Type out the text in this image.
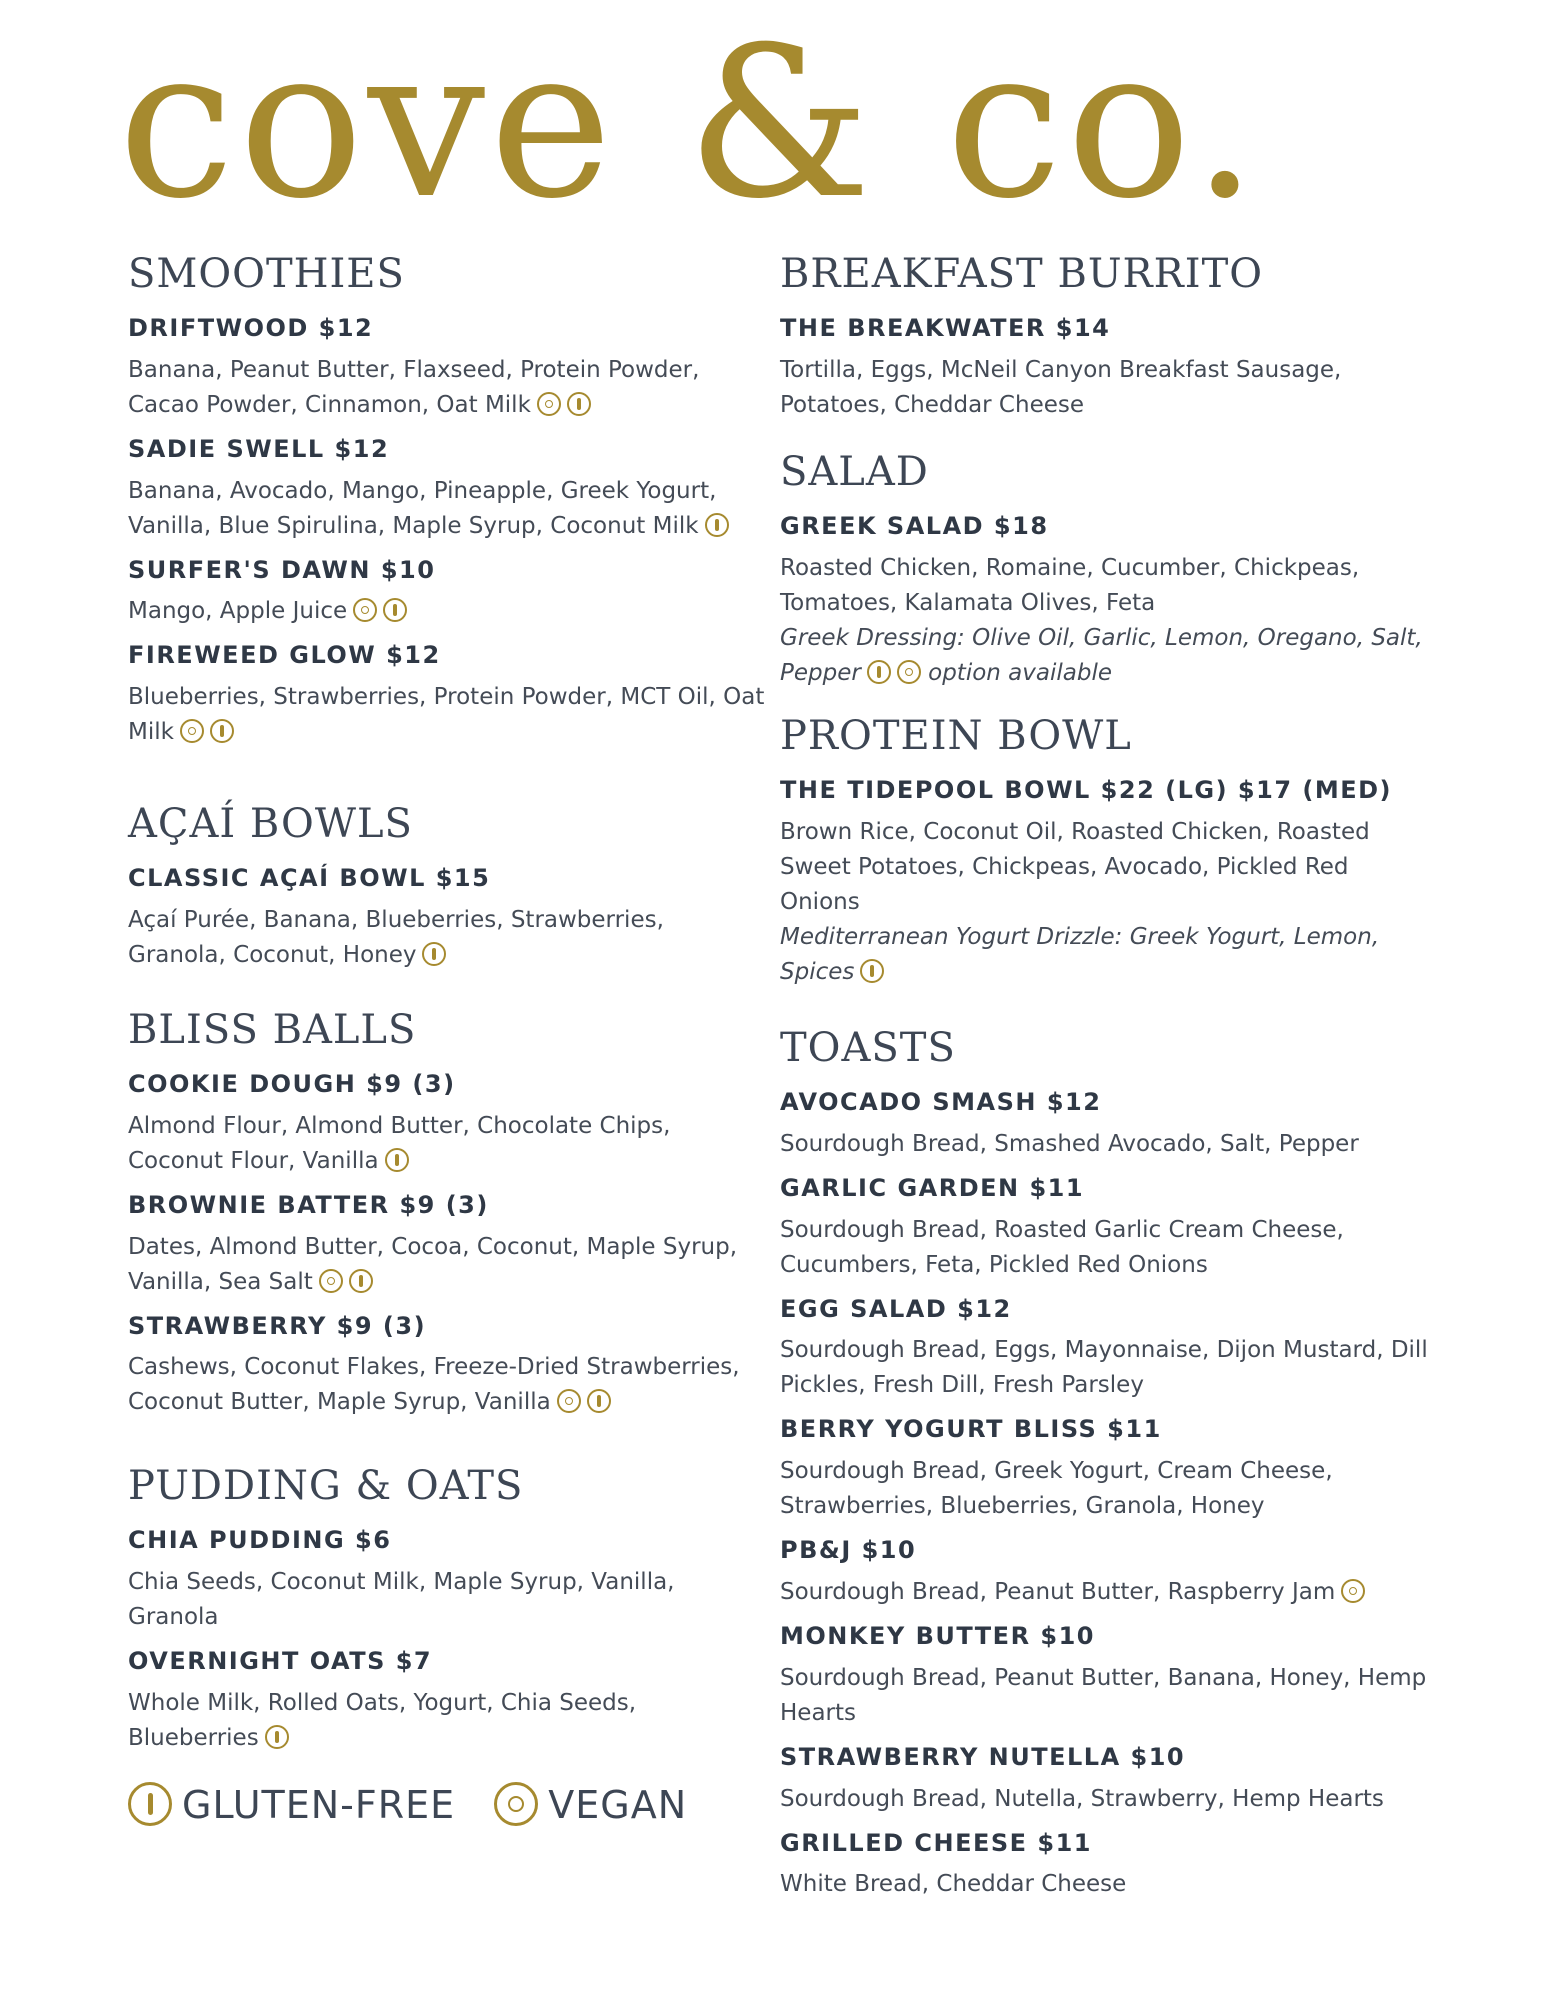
cove & co.
SMOOTHIES
DRIFTWOOD $12
Banana, Peanut Butter, Flaxseed, Protein Powder, Cacao Powder, Cinnamon, Oat Milk
SADIE SWELL $12
Banana, Avocado, Mango, Pineapple, Greek Yogurt, Vanilla, Blue Spirulina, Maple Syrup, Coconut Milk
SURFER'S DAWN $10
Mango, Apple Juice
FIREWEED GLOW $12
Blueberries, Strawberries, Protein Powder, MCT Oil, Oat Milk
AÇAÍ BOWLS
CLASSIC AÇAÍ BOWL $15
Açaí Purée, Banana, Blueberries, Strawberries, Granola, Coconut, Honey
BLISS BALLS
COOKIE DOUGH $9 (3)
Almond Flour, Almond Butter, Chocolate Chips, Coconut Flour, Vanilla
BROWNIE BATTER $9 (3)
Dates, Almond Butter, Cocoa, Coconut, Maple Syrup, Vanilla, Sea Salt
STRAWBERRY $9 (3)
Cashews, Coconut Flakes, Freeze-Dried Strawberries, Coconut Butter, Maple Syrup, Vanilla
PUDDING & OATS
CHIA PUDDING $6
Chia Seeds, Coconut Milk, Maple Syrup, Vanilla, Granola
OVERNIGHT OATS $7
Whole Milk, Rolled Oats, Yogurt, Chia Seeds, Blueberries
BREAKFAST BURRITO
THE BREAKWATER $14
Tortilla, Eggs, McNeil Canyon Breakfast Sausage, Potatoes, Cheddar Cheese
SALAD
GREEK SALAD $18
Roasted Chicken, Romaine, Cucumber, Chickpeas, Tomatoes, Kalamata Olives, Feta
Greek Dressing: Olive Oil, Garlic, Lemon, Oregano, Salt, Pepper	option available
PROTEIN BOWL
THE TIDEPOOL BOWL $22 (LG) $17 (MED)
Brown Rice, Coconut Oil, Roasted Chicken, Roasted Sweet Potatoes, Chickpeas, Avocado, Pickled Red Onions
Mediterranean Yogurt Drizzle: Greek Yogurt, Lemon, Spices
TOASTS
AVOCADO SMASH $12
Sourdough Bread, Smashed Avocado, Salt, Pepper
GARLIC GARDEN $11
Sourdough Bread, Roasted Garlic Cream Cheese, Cucumbers, Feta, Pickled Red Onions
EGG SALAD $12
Sourdough Bread, Eggs, Mayonnaise, Dijon Mustard, Dill Pickles, Fresh Dill, Fresh Parsley
BERRY YOGURT BLISS $11
Sourdough Bread, Greek Yogurt, Cream Cheese, Strawberries, Blueberries, Granola, Honey
PB&J $10
Sourdough Bread, Peanut Butter, Raspberry Jam
MONKEY BUTTER $10
Sourdough Bread, Peanut Butter, Banana, Honey, Hemp Hearts
STRAWBERRY NUTELLA $10
Sourdough Bread, Nutella, Strawberry, Hemp Hearts
GRILLED CHEESE $11
White Bread, Cheddar Cheese
GLUTEN-FREE VEGAN
